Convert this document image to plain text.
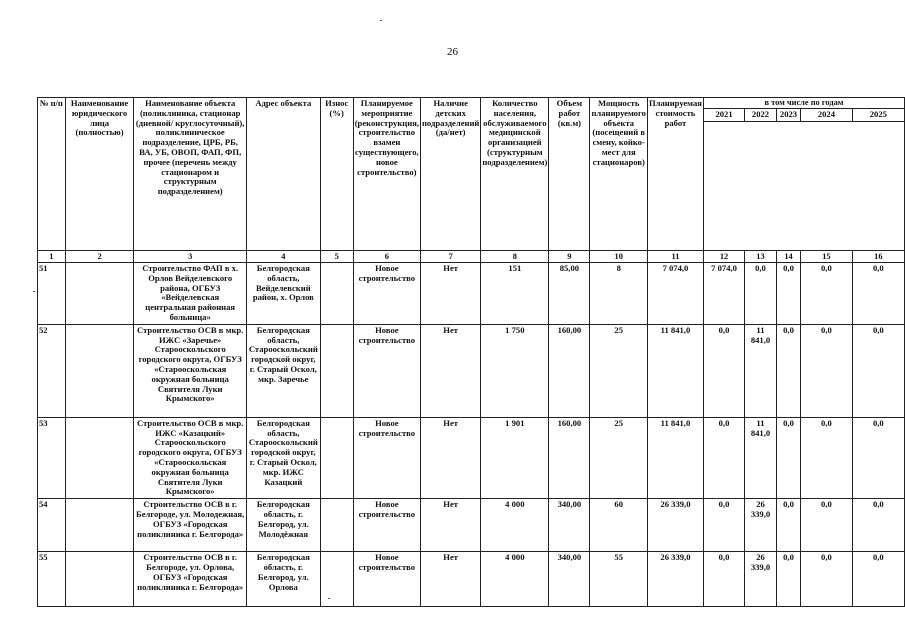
26
№ п/п	Наименование юридического лица (полностью)	Наименование объекта (поликлиника, стационар (дневной/ круглосуточный), поликлиническое подразделение, ЦРБ, РБ, ВА, УБ, ОВОП, ФАП, ФП, прочее (перечень между стационаром и структурным подразделением)	Адрес объекта	Износ (%)	Планируемое мероприятие (реконструкция, строительство взамен существующего, новое строительство)	Наличие детских подразделений (да/нет)	Количество населения, обслуживаемого медицинской организацией (структурным подразделением)	Объем работ (кв.м)	Мощность планируемого объекта (посещений в смену, койко-мест для стационаров)	Планируемая стоимость работ	в том числе по годам				
											2021	2022	2023	2024	2025

1	2	3	4	5	6	7	8	9	10	11	12	13	14	15	16
51		Строительство ФАП в х. Орлов Вейделевского района, ОГБУЗ «Вейделевская центральная районная больница»	Белгородская область, Вейделевский район, х. Орлов		Новое строительство	Нет	151	85,00	8	7 074,0	7 074,0	0,0	0,0	0,0	0,0
52		Строительство ОСВ в мкр. ИЖС «Заречье» Старооскольского городского округа, ОГБУЗ «Старооскольская окружная больница Святителя Луки Крымского»	Белгородская область, Старооскольский городской округ, г. Старый Оскол, мкр. Заречье		Новое строительство	Нет	1 750	160,00	25	11 841,0	0,0	11 841,0	0,0	0,0	0,0
53		Строительство ОСВ в мкр. ИЖС «Казацкий» Старооскольского городского округа, ОГБУЗ «Старооскольская окружная больница Святителя Луки Крымского»	Белгородская область, Старооскольский городской округ, г. Старый Оскол, мкр. ИЖС Казацкий		Новое строительство	Нет	1 901	160,00	25	11 841,0	0,0	11 841,0	0,0	0,0	0,0
54		Строительство ОСВ в г. Белгороде, ул. Молодежная, ОГБУЗ «Городская поликлиника г. Белгорода»	Белгородская область, г. Белгород, ул. Молодёжная		Новое строительство	Нет	4 000	340,00	60	26 339,0	0,0	26 339,0	0,0	0,0	0,0
55		Строительство ОСВ в г. Белгороде, ул. Орлова, ОГБУЗ «Городская поликлиника г. Белгорода»	Белгородская область, г. Белгород, ул. Орлова		Новое строительство	Нет	4 000	340,00	55	26 339,0	0,0	26 339,0	0,0	0,0	0,0
